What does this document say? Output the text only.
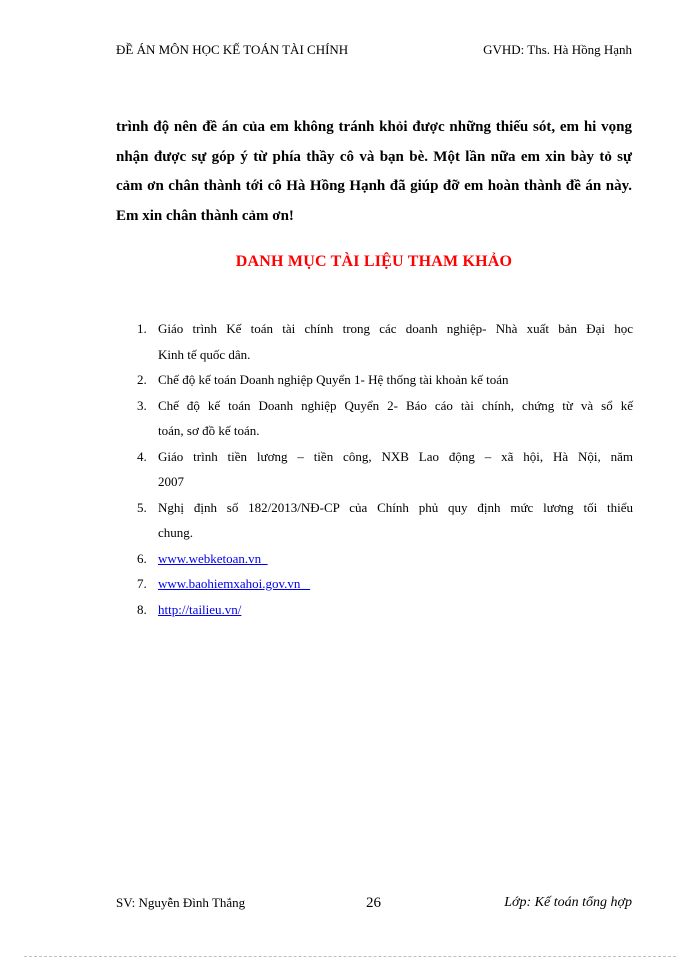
ĐỀ ÁN MÔN HỌC KẾ TOÁN TÀI CHÍNH	GVHD: Ths. Hà Hồng Hạnh
trình độ nên đề án của em không tránh khỏi được những thiếu sót, em hi vọng
nhận được sự góp ý từ phía thầy cô và bạn bè. Một lần nữa em xin bày tỏ sự
cảm ơn chân thành tới cô Hà Hồng Hạnh đã giúp đỡ em hoàn thành đề án này.
Em xin chân thành cảm ơn!
DANH MỤC TÀI LIỆU THAM KHẢO
1. Giáo trình Kế toán tài chính trong các doanh nghiệp- Nhà xuất bản Đại học
Kinh tế quốc dân.
2. Chế độ kế toán Doanh nghiệp Quyển 1- Hệ thống tài khoản kế toán
3. Chế độ kế toán Doanh nghiệp Quyển 2- Báo cáo tài chính, chứng từ và sổ kế
toán, sơ đồ kế toán.
4. Giáo trình tiền lương – tiền công, NXB Lao động – xã hội, Hà Nội, năm
2007
5. Nghị định số 182/2013/NĐ-CP của Chính phủ quy định mức lương tối thiểu
chung.
6. www.webketoan.vn
7. www.baohiemxahoi.gov.vn
8. http://tailieu.vn/
SV: Nguyễn Đình Thắng	26	Lớp: Kế toán tổng hợp
